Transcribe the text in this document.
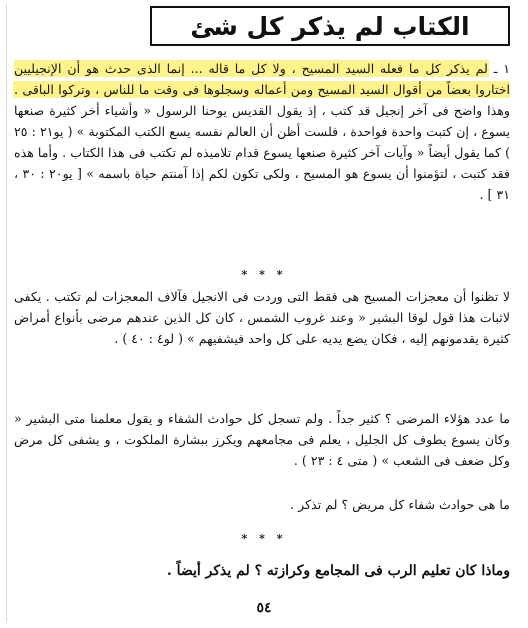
الكتاب لم يذكر كل شئ

١ ـ لم يذكر كل ما فعله السيد المسيح ، ولا كل ما قاله ... إنما الذى حدث هو أن الإنجيليين اختاروا بعضاً من أقوال السيد المسيح ومن أعماله وسجلوها فى وقت ما للناس ، وتركوا الباقى . وهذا واضح فى آخر إنجيل قد كتب ، إذ يقول القديس يوحنا الرسول « وأشياء أخر كثيرة صنعها يسوع ، إن كتبت واحدة فواحدة ، فلست أظن أن العالم نفسه يسع الكتب المكتوبة » ( يو٢١ : ٢٥ ) كما يقول أيضاً « وآيات آخر كثيرة صنعها يسوع قدام تلاميذه لم تكتب فى هذا الكتاب . وأما هذه فقد كتبت ، لتؤمنوا أن يسوع هو المسيح ، ولكى تكون لكم إذا آمنتم حياة باسمه » [ يو٢٠ : ٣٠ ، ٣١ ] .

* * *

لا تظنوا أن معجزات المسيح هى فقط التى وردت فى الانجيل فآلاف المعجزات لم تكتب . يكفى لاثبات هذا قول لوقا البشير « وعند غروب الشمس ، كان كل الذين عندهم مرضى بأنواع أمراض كثيرة يقدمونهم إليه ، فكان يضع يديه على كل واحد فيشفيهم » ( لو٤ : ٤٠ ) .

ما عدد هؤلاء المرضى ؟ كثير جداً . ولم تسجل كل حوادث الشفاء و يقول معلمنا متى البشير « وكان يسوع يطوف كل الجليل ، يعلم فى مجامعهم ويكرز ببشارة الملكوت ، و يشفى كل مرض وكل ضعف فى الشعب » ( متى ٤ : ٢٣ ) .

ما هى حوادث شفاء كل مريض ؟ لم تذكر .

* * *
وماذا كان تعليم الرب فى المجامع وكرازته ؟ لم يذكر أيضاً .
٥٤
